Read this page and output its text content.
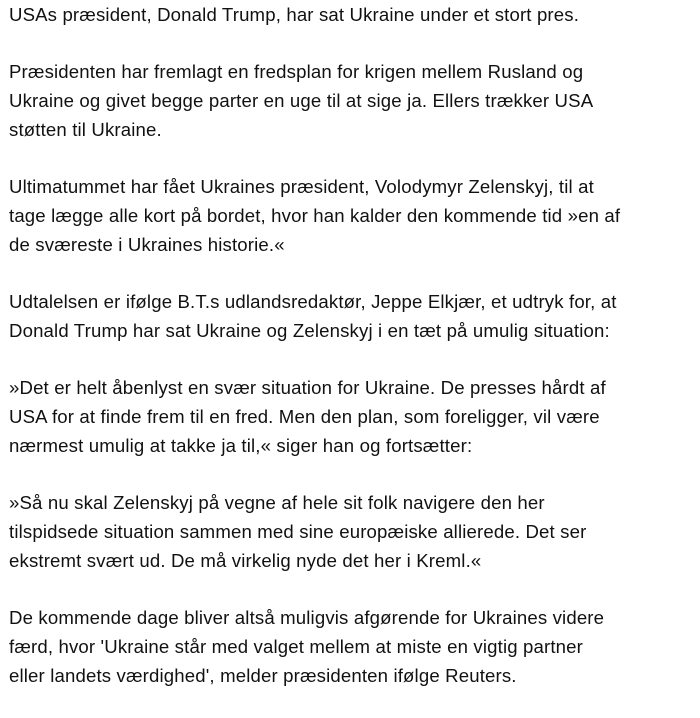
USAs præsident, Donald Trump, har sat Ukraine under et stort pres.

Præsidenten har fremlagt en fredsplan for krigen mellem Rusland og
Ukraine og givet begge parter en uge til at sige ja. Ellers trækker USA
støtten til Ukraine.

Ultimatummet har fået Ukraines præsident, Volodymyr Zelenskyj, til at
tage lægge alle kort på bordet, hvor han kalder den kommende tid »en af
de sværeste i Ukraines historie.«

Udtalelsen er ifølge B.T.s udlandsredaktør, Jeppe Elkjær, et udtryk for, at
Donald Trump har sat Ukraine og Zelenskyj i en tæt på umulig situation:

»Det er helt åbenlyst en svær situation for Ukraine. De presses hårdt af
USA for at finde frem til en fred. Men den plan, som foreligger, vil være
nærmest umulig at takke ja til,« siger han og fortsætter:

»Så nu skal Zelenskyj på vegne af hele sit folk navigere den her
tilspidsede situation sammen med sine europæiske allierede. Det ser
ekstremt svært ud. De må virkelig nyde det her i Kreml.«

De kommende dage bliver altså muligvis afgørende for Ukraines videre
færd, hvor 'Ukraine står med valget mellem at miste en vigtig partner
eller landets værdighed', melder præsidenten ifølge Reuters.
